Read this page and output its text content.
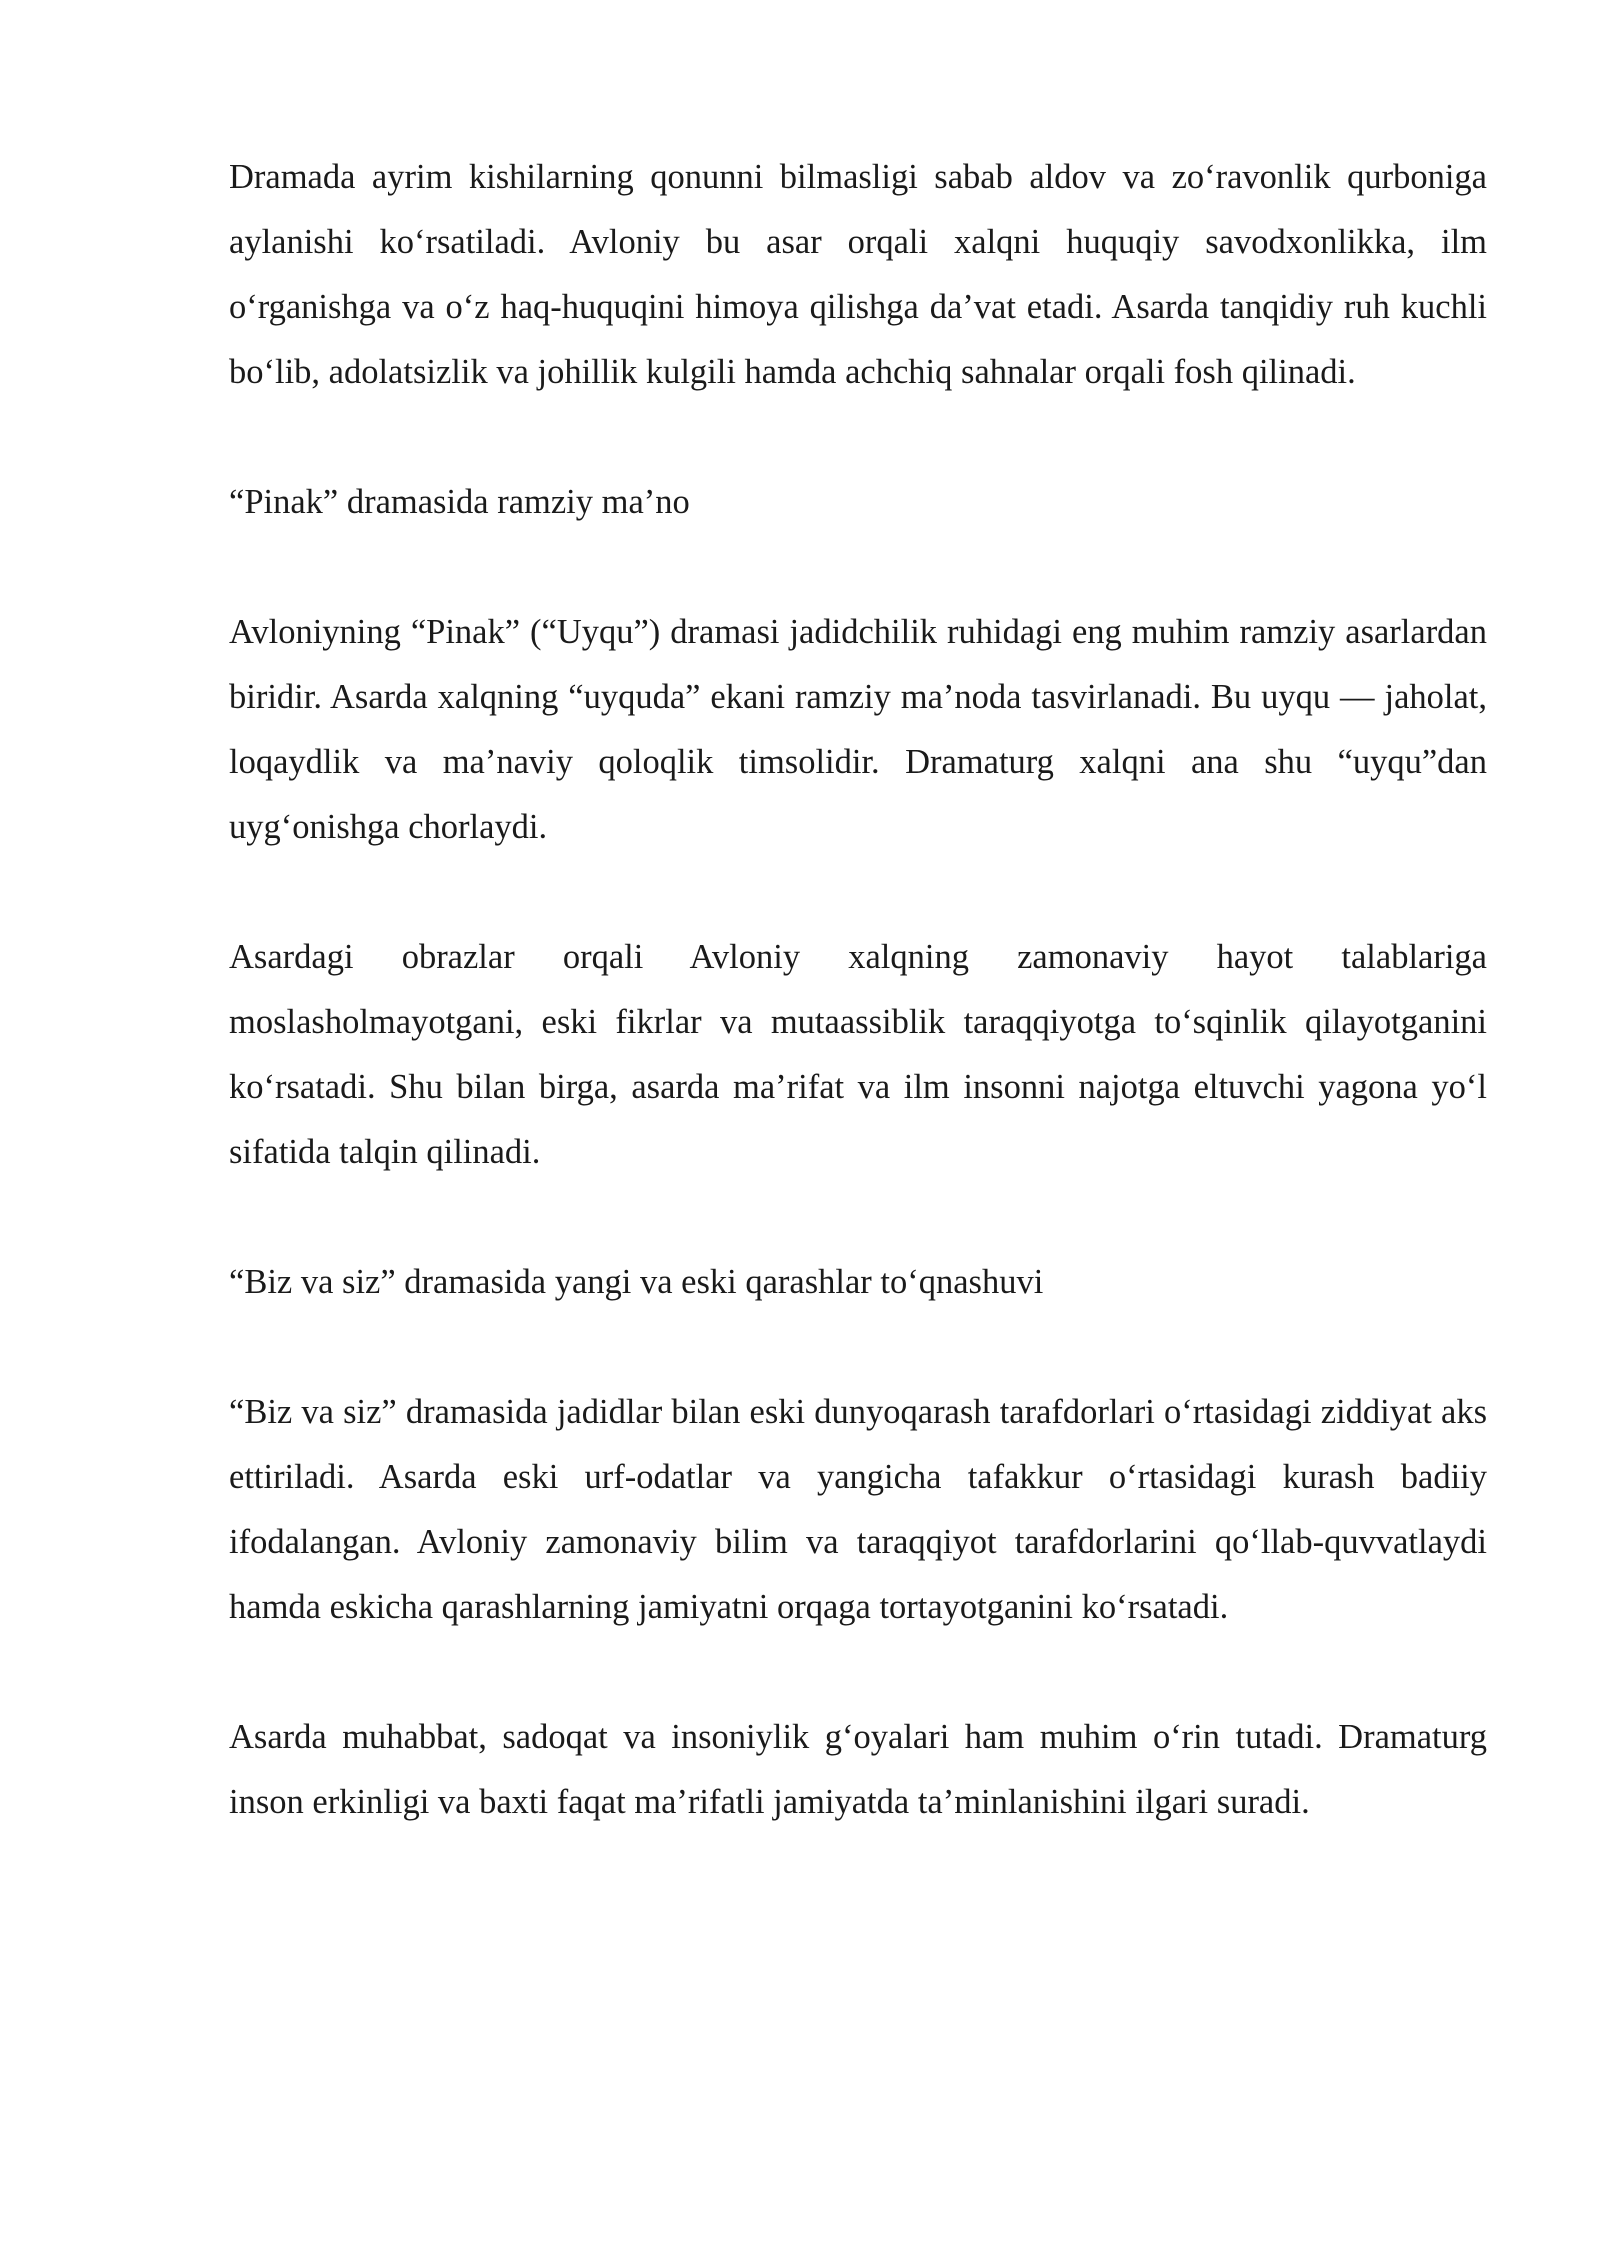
Dramada ayrim kishilarning qonunni bilmasligi sabab aldov va zo‘ravonlik qurboniga aylanishi ko‘rsatiladi. Avloniy bu asar orqali xalqni huquqiy savodxonlikka, ilm o‘rganishga va o‘z haq-huquqini himoya qilishga da’vat etadi. Asarda tanqidiy ruh kuchli bo‘lib, adolatsizlik va johillik kulgili hamda achchiq sahnalar orqali fosh qilinadi.

“Pinak” dramasida ramziy ma’no

Avloniyning “Pinak” (“Uyqu”) dramasi jadidchilik ruhidagi eng muhim ramziy asarlardan biridir. Asarda xalqning “uyquda” ekani ramziy ma’noda tasvirlanadi. Bu uyqu — jaholat, loqaydlik va ma’naviy qoloqlik timsolidir. Dramaturg xalqni ana shu “uyqu”dan uyg‘onishga chorlaydi.

Asardagi obrazlar orqali Avloniy xalqning zamonaviy hayot talablariga moslasholmayotgani, eski fikrlar va mutaassiblik taraqqiyotga to‘sqinlik qilayotganini ko‘rsatadi. Shu bilan birga, asarda ma’rifat va ilm insonni najotga eltuvchi yagona yo‘l sifatida talqin qilinadi.

“Biz va siz” dramasida yangi va eski qarashlar to‘qnashuvi

“Biz va siz” dramasida jadidlar bilan eski dunyoqarash tarafdorlari o‘rtasidagi ziddiyat aks ettiriladi. Asarda eski urf-odatlar va yangicha tafakkur o‘rtasidagi kurash badiiy ifodalangan. Avloniy zamonaviy bilim va taraqqiyot tarafdorlarini qo‘llab-quvvatlaydi hamda eskicha qarashlarning jamiyatni orqaga tortayotganini ko‘rsatadi.

Asarda muhabbat, sadoqat va insoniylik g‘oyalari ham muhim o‘rin tutadi. Dramaturg inson erkinligi va baxti faqat ma’rifatli jamiyatda ta’minlanishini ilgari suradi.
